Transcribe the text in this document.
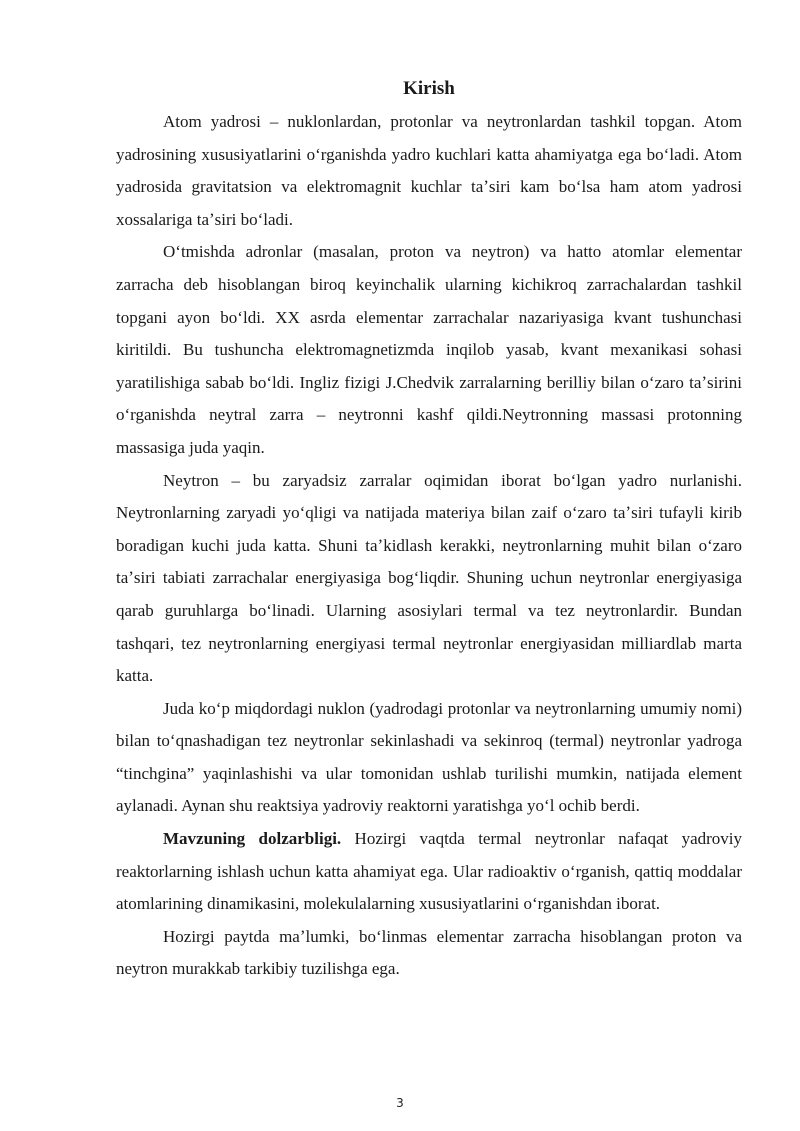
Kirish

Atom yadrosi – nuklonlardan, protonlar va neytronlardan tashkil topgan. Atom yadrosining xususiyatlarini oʻrganishda yadro kuchlari katta ahamiyatga ega boʻladi. Atom yadrosida gravitatsion va elektromagnit kuchlar taʼsiri kam boʻlsa ham atom yadrosi xossalariga taʼsiri boʻladi.

Oʻtmishda adronlar (masalan, proton va neytron) va hatto atomlar elementar zarracha deb hisoblangan biroq keyinchalik ularning kichikroq zarrachalardan tashkil topgani ayon boʻldi. XX asrda elementar zarrachalar nazariyasiga kvant tushunchasi kiritildi. Bu tushuncha elektromagnetizmda inqilob yasab, kvant mexanikasi sohasi yaratilishiga sabab boʻldi. Ingliz fizigi J.Chedvik zarralarning berilliy bilan oʻzaro taʼsirini oʻrganishda neytral zarra – neytronni kashf qildi.Neytronning massasi protonning massasiga juda yaqin.

Neytron – bu zaryadsiz zarralar oqimidan iborat boʻlgan yadro nurlanishi. Neytronlarning zaryadi yoʻqligi va natijada materiya bilan zaif oʻzaro taʼsiri tufayli kirib boradigan kuchi juda katta. Shuni taʼkidlash kerakki, neytronlarning muhit bilan oʻzaro taʼsiri tabiati zarrachalar energiyasiga bogʻliqdir. Shuning uchun neytronlar energiyasiga qarab guruhlarga boʻlinadi. Ularning asosiylari termal va tez neytronlardir. Bundan tashqari, tez neytronlarning energiyasi termal neytronlar energiyasidan milliardlab marta katta.

Juda koʻp miqdordagi nuklon (yadrodagi protonlar va neytronlarning umumiy nomi) bilan toʻqnashadigan tez neytronlar sekinlashadi va sekinroq (termal) neytronlar yadroga “tinchgina” yaqinlashishi va ular tomonidan ushlab turilishi mumkin, natijada element aylanadi. Aynan shu reaktsiya yadroviy reaktorni yaratishga yoʻl ochib berdi.

Mavzuning dolzarbligi. Hozirgi vaqtda termal neytronlar nafaqat yadroviy reaktorlarning ishlash uchun katta ahamiyat ega. Ular radioaktiv oʻrganish, qattiq moddalar atomlarining dinamikasini, molekulalarning xususiyatlarini oʻrganishdan iborat.

Hozirgi paytda maʼlumki, boʻlinmas elementar zarracha hisoblangan proton va neytron murakkab tarkibiy tuzilishga ega.

3
